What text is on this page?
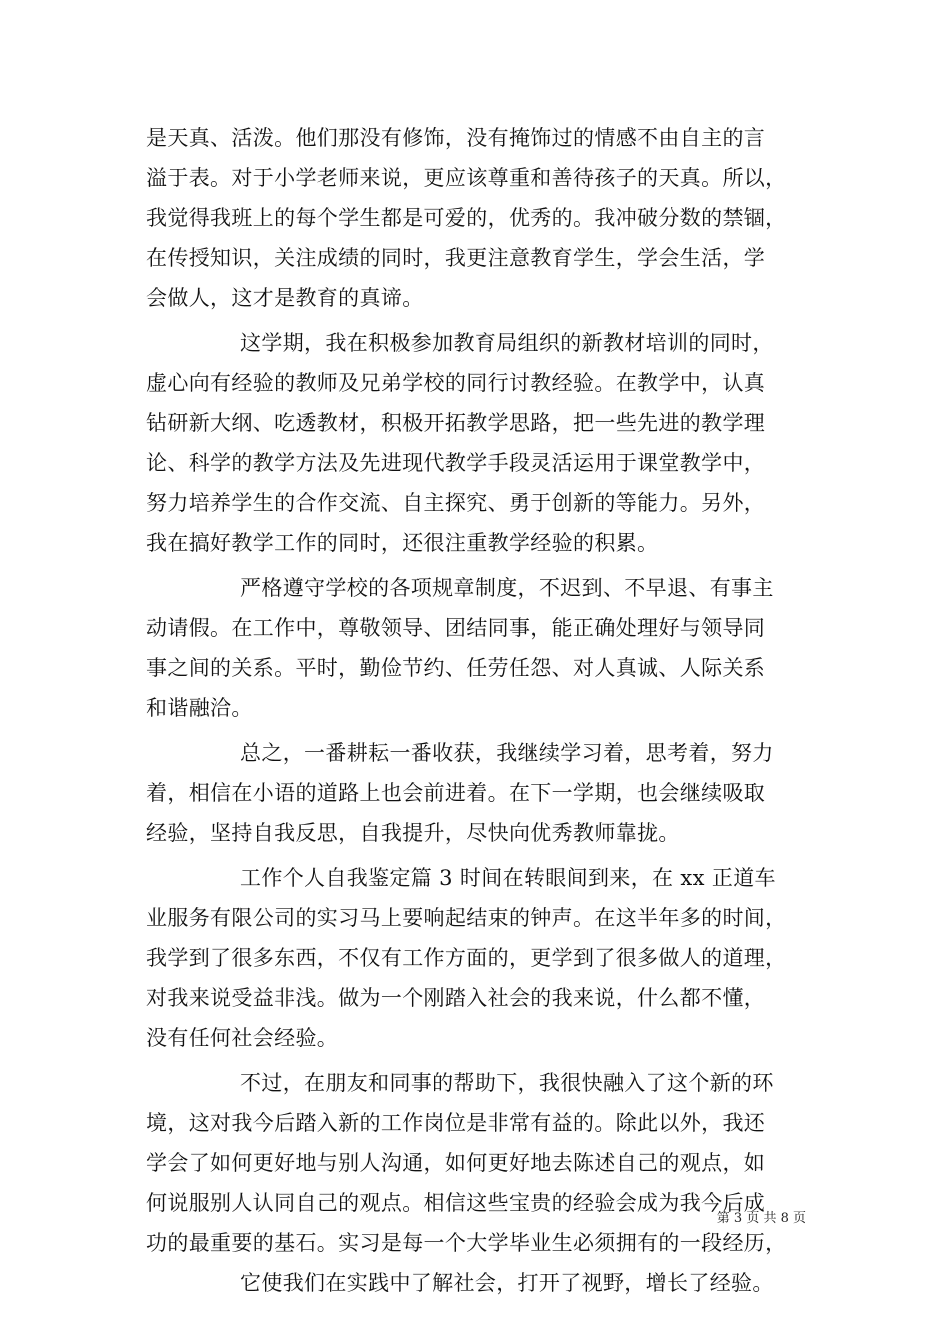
是天真、活泼。他们那没有修饰，没有掩饰过的情感不由自主的言
溢于表。对于小学老师来说，更应该尊重和善待孩子的天真。所以，
我觉得我班上的每个学生都是可爱的，优秀的。我冲破分数的禁锢，
在传授知识，关注成绩的同时，我更注意教育学生，学会生活，学
会做人，这才是教育的真谛。
这学期，我在积极参加教育局组织的新教材培训的同时，
虚心向有经验的教师及兄弟学校的同行讨教经验。在教学中，认真
钻研新大纲、吃透教材，积极开拓教学思路，把一些先进的教学理
论、科学的教学方法及先进现代教学手段灵活运用于课堂教学中，
努力培养学生的合作交流、自主探究、勇于创新的等能力。另外，
我在搞好教学工作的同时，还很注重教学经验的积累。
严格遵守学校的各项规章制度，不迟到、不早退、有事主
动请假。在工作中，尊敬领导、团结同事，能正确处理好与领导同
事之间的关系。平时，勤俭节约、任劳任怨、对人真诚、人际关系
和谐融洽。
总之，一番耕耘一番收获，我继续学习着，思考着，努力
着，相信在小语的道路上也会前进着。在下一学期，也会继续吸取
经验，坚持自我反思，自我提升，尽快向优秀教师靠拢。
工作个人自我鉴定篇 3 时间在转眼间到来，在 xx 正道车
业服务有限公司的实习马上要响起结束的钟声。在这半年多的时间，
我学到了很多东西，不仅有工作方面的，更学到了很多做人的道理，
对我来说受益非浅。做为一个刚踏入社会的我来说，什么都不懂，
没有任何社会经验。
不过，在朋友和同事的帮助下，我很快融入了这个新的环
境，这对我今后踏入新的工作岗位是非常有益的。除此以外，我还
学会了如何更好地与别人沟通，如何更好地去陈述自己的观点，如
何说服别人认同自己的观点。相信这些宝贵的经验会成为我今后成
功的最重要的基石。实习是每一个大学毕业生必须拥有的一段经历，
它使我们在实践中了解社会，打开了视野，增长了经验。
第 3 页 共 8 页
